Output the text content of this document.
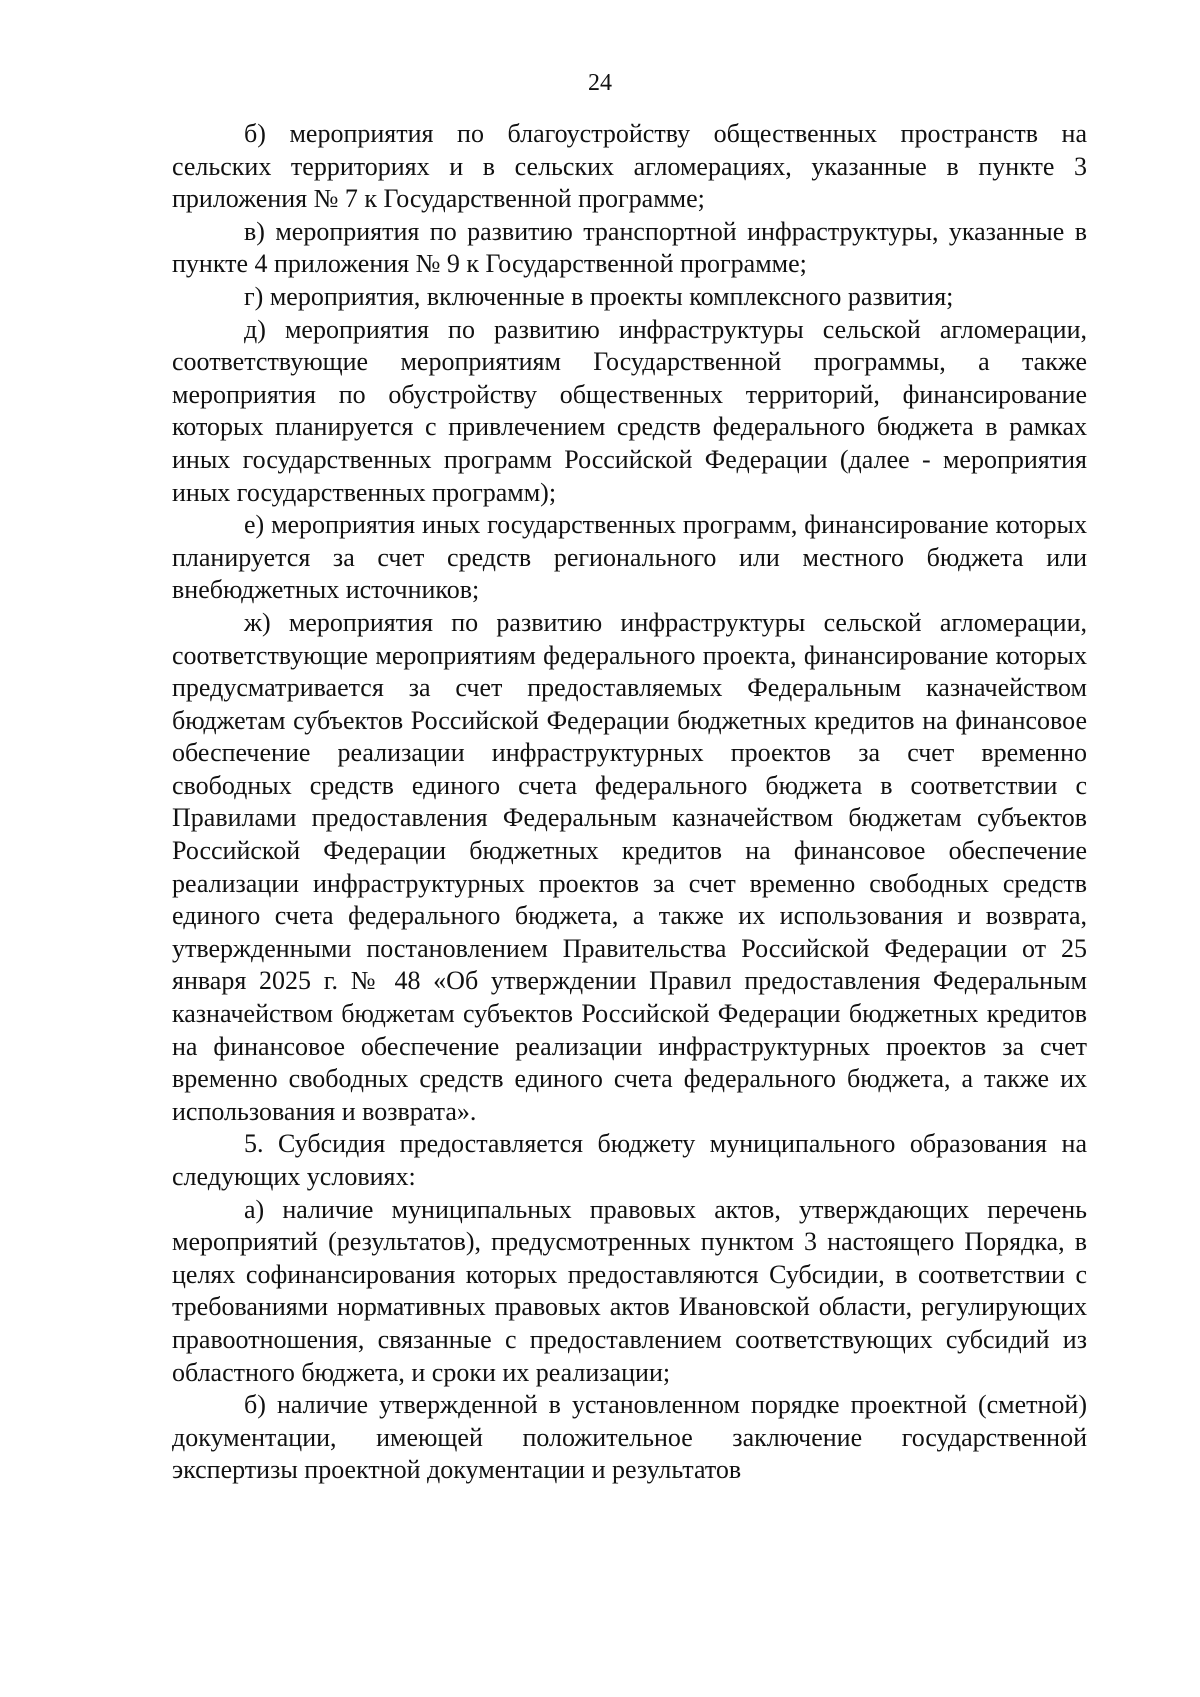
24

б) мероприятия по благоустройству общественных пространств на сельских территориях и в сельских агломерациях, указанные в пункте 3 приложения № 7 к Государственной программе;

в) мероприятия по развитию транспортной инфраструктуры, указанные в пункте 4 приложения № 9 к Государственной программе;

г) мероприятия, включенные в проекты комплексного развития;

д) мероприятия по развитию инфраструктуры сельской агломерации, соответствующие мероприятиям Государственной программы, а также мероприятия по обустройству общественных территорий, финансирование которых планируется с привлечением средств федерального бюджета в рамках иных государственных программ Российской Федерации (далее - мероприятия иных государственных программ);

е) мероприятия иных государственных программ, финансирование которых планируется за счет средств регионального или местного бюджета или внебюджетных источников;

ж) мероприятия по развитию инфраструктуры сельской агломерации, соответствующие мероприятиям федерального проекта, финансирование которых предусматривается за счет предоставляемых Федеральным казначейством бюджетам субъектов Российской Федерации бюджетных кредитов на финансовое обеспечение реализации инфраструктурных проектов за счет временно свободных средств единого счета федерального бюджета в соответствии с Правилами предоставления Федеральным казначейством бюджетам субъектов Российской Федерации бюджетных кредитов на финансовое обеспечение реализации инфраструктурных проектов за счет временно свободных средств единого счета федерального бюджета, а также их использования и возврата, утвержденными постановлением Правительства Российской Федерации от 25 января 2025 г. № 48 «Об утверждении Правил предоставления Федеральным казначейством бюджетам субъектов Российской Федерации бюджетных кредитов на финансовое обеспечение реализации инфраструктурных проектов за счет временно свободных средств единого счета федерального бюджета, а также их использования и возврата».

5. Субсидия предоставляется бюджету муниципального образования на следующих условиях:

а) наличие муниципальных правовых актов, утверждающих перечень мероприятий (результатов), предусмотренных пунктом 3 настоящего Порядка, в целях софинансирования которых предоставляются Субсидии, в соответствии с требованиями нормативных правовых актов Ивановской области, регулирующих правоотношения, связанные с предоставлением соответствующих субсидий из областного бюджета, и сроки их реализации;

б) наличие утвержденной в установленном порядке проектной (сметной) документации, имеющей положительное заключение государственной экспертизы проектной документации и результатов
